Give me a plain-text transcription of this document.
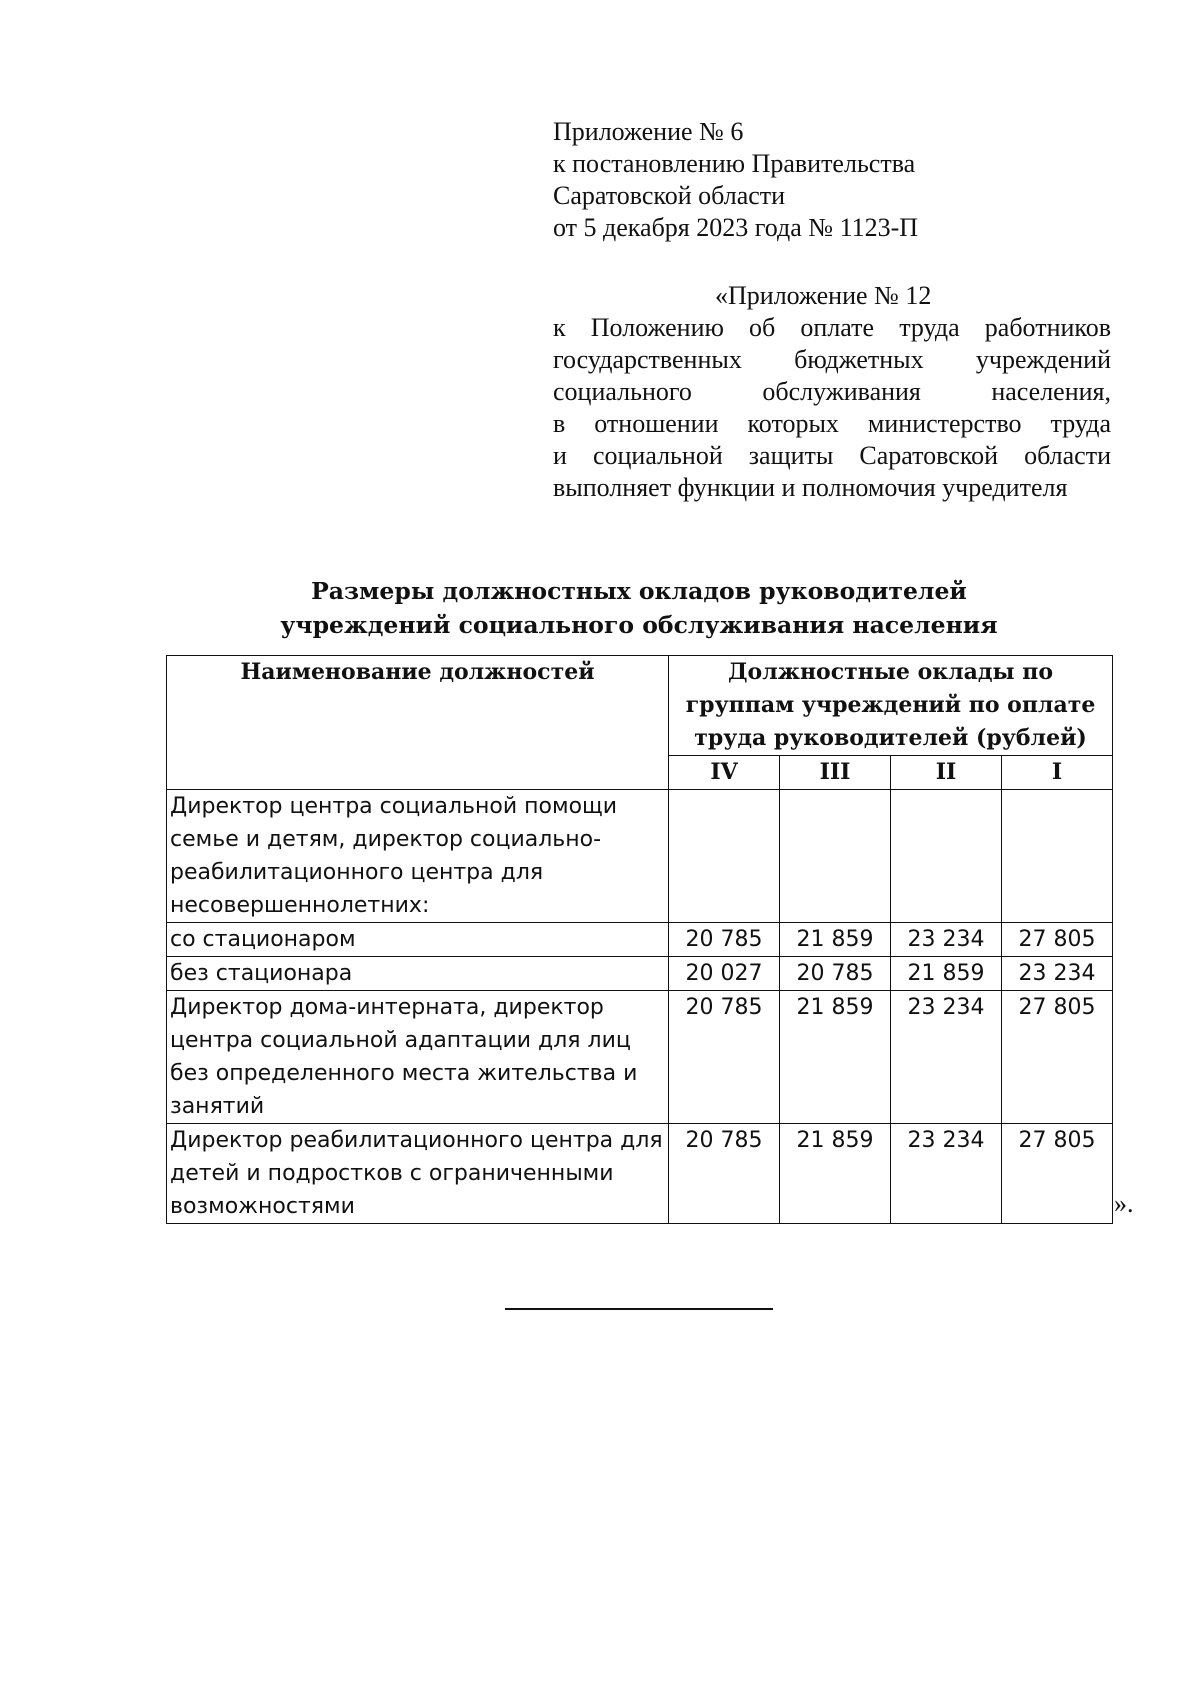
Приложение № 6
к постановлению Правительства
Саратовской области
от 5 декабря 2023 года № 1123-П
«Приложение № 12
к Положению об оплате труда работников
государственных бюджетных учреждений
социального обслуживания населения,
в отношении которых министерство труда
и социальной защиты Саратовской области
выполняет функции и полномочия учредителя
Размеры должностных окладов руководителей
учреждений социального обслуживания населения
Наименование должностей	Должностные оклады по группам учреждений по оплате труда руководителей (рублей)			
	IV	III	II	I
Директор центра социальной помощи семье и детям, директор социально-реабилитационного центра для несовершеннолетних:				
со стационаром	20 785	21 859	23 234	27 805
без стационара	20 027	20 785	21 859	23 234
Директор дома-интерната, директор центра социальной адаптации для лиц без определенного места жительства и занятий	20 785	21 859	23 234	27 805
Директор реабилитационного центра для детей и подростков с ограниченными возможностями	20 785	21 859	23 234	27 805
».
